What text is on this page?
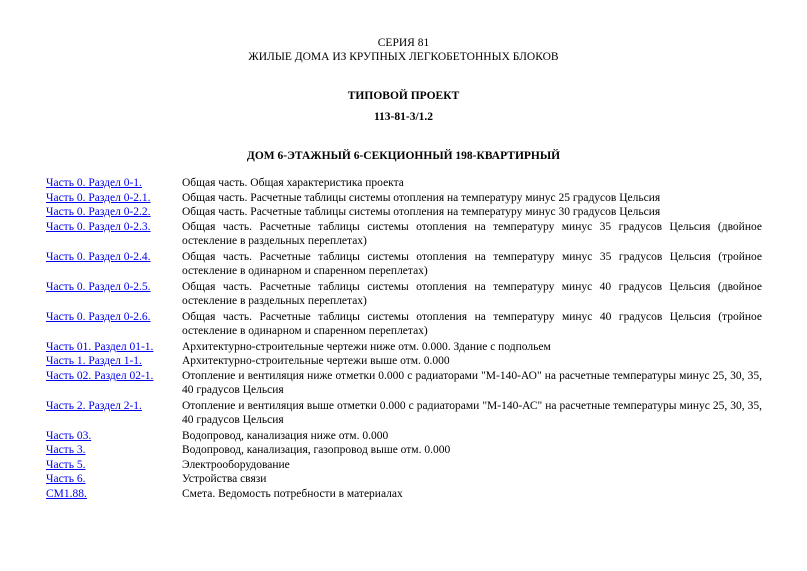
СЕРИЯ 81
ЖИЛЫЕ ДОМА ИЗ КРУПНЫХ ЛЕГКОБЕТОННЫХ БЛОКОВ
ТИПОВОЙ ПРОЕКТ
113-81-3/1.2
ДОМ 6-ЭТАЖНЫЙ 6-СЕКЦИОННЫЙ 198-КВАРТИРНЫЙ
Часть 0. Раздел 0-1.	Общая часть. Общая характеристика проекта
Часть 0. Раздел 0-2.1.	Общая часть. Расчетные таблицы системы отопления на температуру минус 25 градусов Цельсия
Часть 0. Раздел 0-2.2.	Общая часть. Расчетные таблицы системы отопления на температуру минус 30 градусов Цельсия
Часть 0. Раздел 0-2.3.	Общая часть. Расчетные таблицы системы отопления на температуру минус 35 градусов Цельсия (двойное остекление в раздельных переплетах)
Часть 0. Раздел 0-2.4.	Общая часть. Расчетные таблицы системы отопления на температуру минус 35 градусов Цельсия (тройное остекление в одинарном и спаренном переплетах)
Часть 0. Раздел 0-2.5.	Общая часть. Расчетные таблицы системы отопления на температуру минус 40 градусов Цельсия (двойное остекление в раздельных переплетах)
Часть 0. Раздел 0-2.6.	Общая часть. Расчетные таблицы системы отопления на температуру минус 40 градусов Цельсия (тройное остекление в одинарном и спаренном переплетах)
Часть 01. Раздел 01-1.	Архитектурно-строительные чертежи ниже отм. 0.000. Здание с подпольем
Часть 1. Раздел 1-1.	Архитектурно-строительные чертежи выше отм. 0.000
Часть 02. Раздел 02-1.	Отопление и вентиляция ниже отметки 0.000 с радиаторами "М-140-АО" на расчетные температуры минус 25, 30, 35, 40 градусов Цельсия
Часть 2. Раздел 2-1.	Отопление и вентиляция выше отметки 0.000 с радиаторами "М-140-АС" на расчетные температуры минус 25, 30, 35, 40 градусов Цельсия
Часть 03.	Водопровод, канализация ниже отм. 0.000
Часть 3.	Водопровод, канализация, газопровод выше отм. 0.000
Часть 5.	Электрооборудование
Часть 6.	Устройства связи
СМ1.88.	Смета. Ведомость потребности в материалах
